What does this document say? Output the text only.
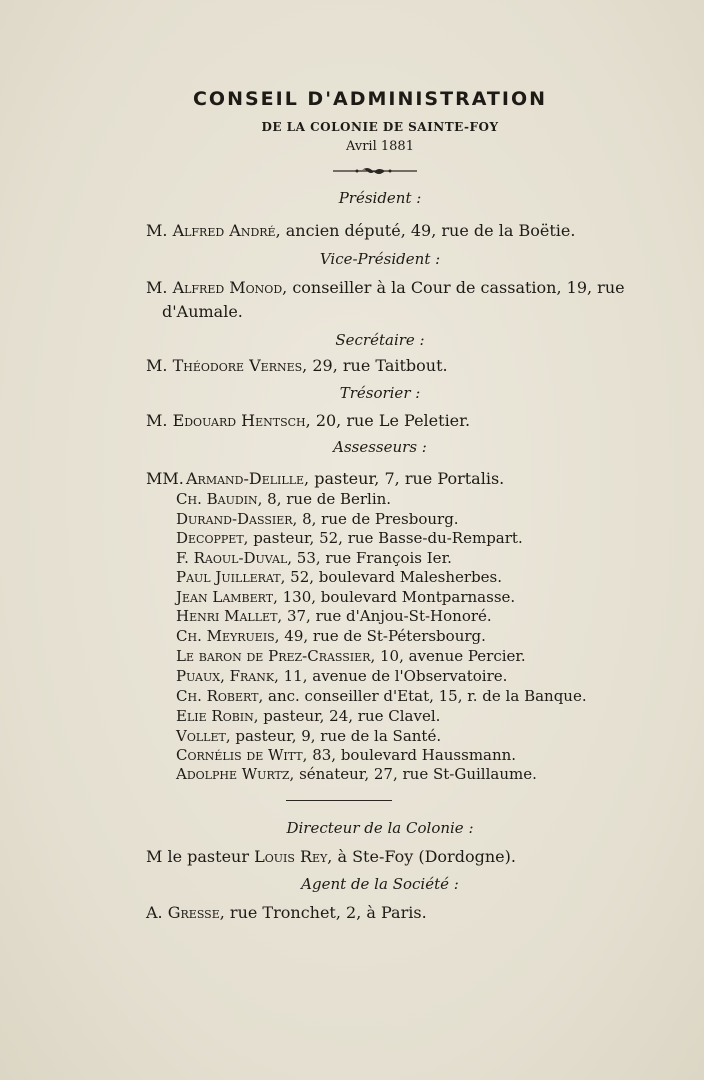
CONSEIL D'ADMINISTRATION
DE LA COLONIE DE SAINTE-FOY
Avril 1881
Président :
M. Alfred André, ancien député, 49, rue de la Boëtie.
Vice-Président :
M. Alfred Monod, conseiller à la Cour de cassation, 19, rue
d'Aumale.
Secrétaire :
M. Théodore Vernes, 29, rue Taitbout.
Trésorier :
M. Edouard Hentsch, 20, rue Le Peletier.
Assesseurs :
MM. Armand-Delille, pasteur, 7, rue Portalis.
Ch. Baudin, 8, rue de Berlin.
Durand-Dassier, 8, rue de Presbourg.
Decoppet, pasteur, 52, rue Basse-du-Rempart.
F. Raoul-Duval, 53, rue François Ier.
Paul Juillerat, 52, boulevard Malesherbes.
Jean Lambert, 130, boulevard Montparnasse.
Henri Mallet, 37, rue d'Anjou-St-Honoré.
Ch. Meyrueis, 49, rue de St-Pétersbourg.
Le baron de Prez-Crassier, 10, avenue Percier.
Puaux, Frank, 11, avenue de l'Observatoire.
Ch. Robert, anc. conseiller d'Etat, 15, r. de la Banque.
Elie Robin, pasteur, 24, rue Clavel.
Vollet, pasteur, 9, rue de la Santé.
Cornélis de Witt, 83, boulevard Haussmann.
Adolphe Wurtz, sénateur, 27, rue St-Guillaume.
Directeur de la Colonie :
M le pasteur Louis Rey, à Ste-Foy (Dordogne).
Agent de la Société :
A. Gresse, rue Tronchet, 2, à Paris.
